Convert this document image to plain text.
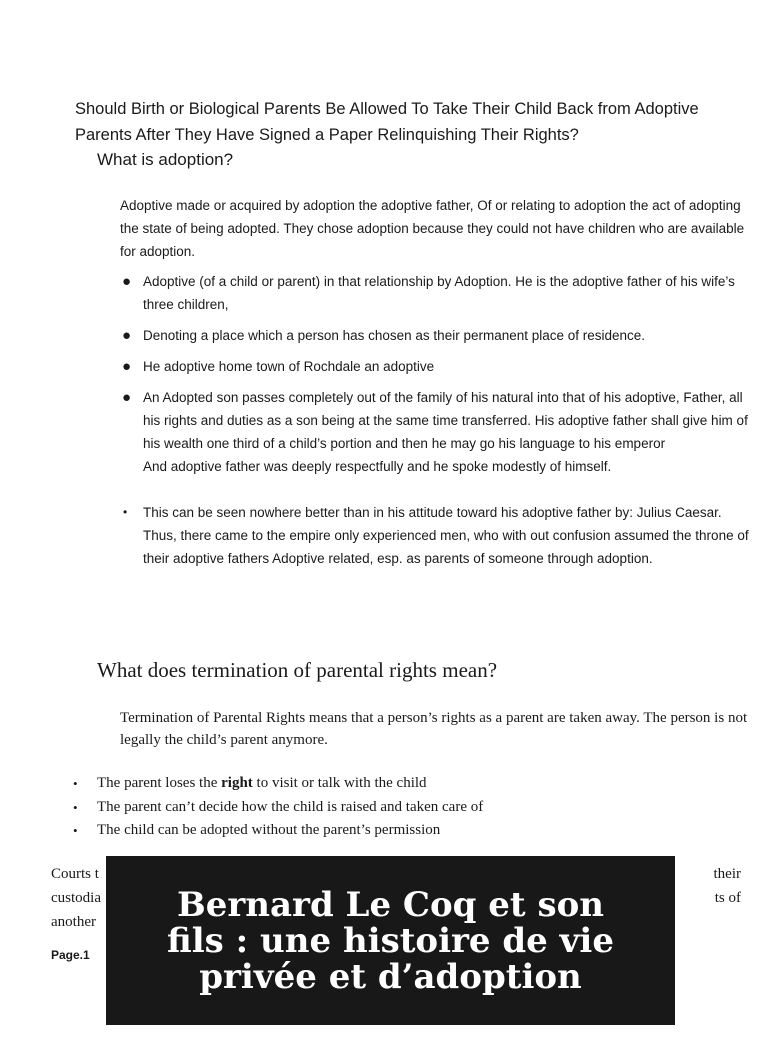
Should Birth or Biological Parents Be Allowed To Take Their Child Back from Adoptive Parents After They Have Signed a Paper Relinquishing Their Rights?
What is adoption?
Adoptive made or acquired by adoption the adoptive father, Of or relating to adoption the act of adopting the state of being adopted. They chose adoption because they could not have children who are available for adoption.
● Adoptive (of a child or parent) in that relationship by Adoption. He is the adoptive father of his wife’s three children,
● Denoting a place which a person has chosen as their permanent place of residence.
● He adoptive home town of Rochdale an adoptive
● An Adopted son passes completely out of the family of his natural into that of his adoptive, Father, all his rights and duties as a son being at the same time transferred. His adoptive father shall give him of his wealth one third of a child’s portion and then he may go his language to his emperor
And adoptive father was deeply respectfully and he spoke modestly of himself.
• This can be seen nowhere better than in his attitude toward his adoptive father by: Julius Caesar.
Thus, there came to the empire only experienced men, who with out confusion assumed the throne of their adoptive fathers Adoptive related, esp. as parents of someone through adoption.
What does termination of parental rights mean?
Termination of Parental Rights means that a person’s rights as a parent are taken away. The person is not legally the child’s parent anymore.
• The parent loses the right to visit or talk with the child
• The parent can’t decide how the child is raised and taken care of
• The child can be adopted without the parent’s permission
Courts t	their
custodia	ts of
another
Page.1
Bernard Le Coq et son fils : une histoire de vie privée et d’adoption
